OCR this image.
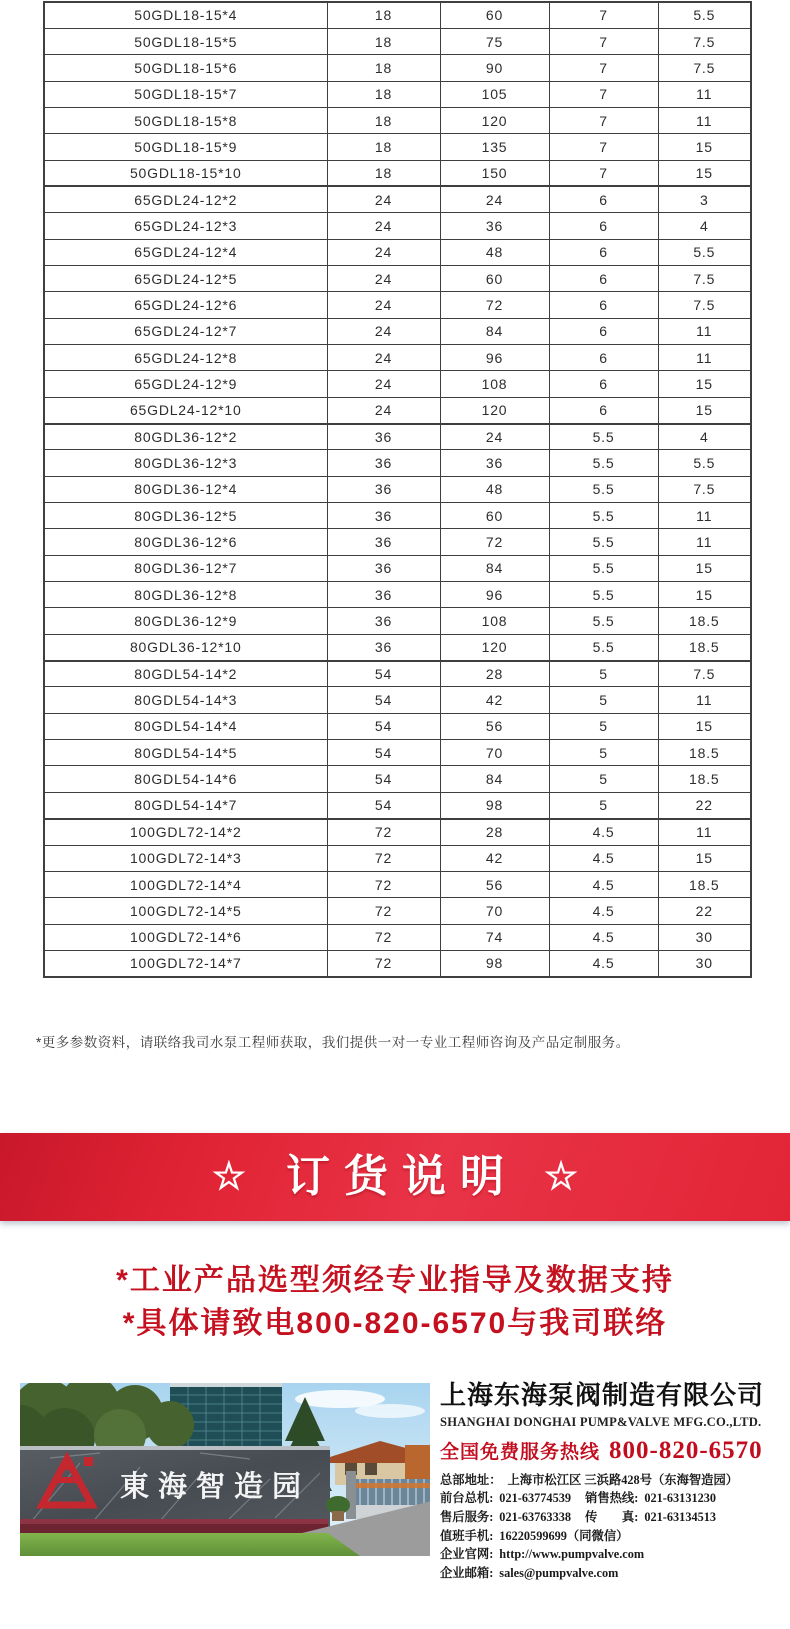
50GDL18-15*4	18	60	7	5.5
50GDL18-15*5	18	75	7	7.5
50GDL18-15*6	18	90	7	7.5
50GDL18-15*7	18	105	7	11
50GDL18-15*8	18	120	7	11
50GDL18-15*9	18	135	7	15
50GDL18-15*10	18	150	7	15
65GDL24-12*2	24	24	6	3
65GDL24-12*3	24	36	6	4
65GDL24-12*4	24	48	6	5.5
65GDL24-12*5	24	60	6	7.5
65GDL24-12*6	24	72	6	7.5
65GDL24-12*7	24	84	6	11
65GDL24-12*8	24	96	6	11
65GDL24-12*9	24	108	6	15
65GDL24-12*10	24	120	6	15
80GDL36-12*2	36	24	5.5	4
80GDL36-12*3	36	36	5.5	5.5
80GDL36-12*4	36	48	5.5	7.5
80GDL36-12*5	36	60	5.5	11
80GDL36-12*6	36	72	5.5	11
80GDL36-12*7	36	84	5.5	15
80GDL36-12*8	36	96	5.5	15
80GDL36-12*9	36	108	5.5	18.5
80GDL36-12*10	36	120	5.5	18.5
80GDL54-14*2	54	28	5	7.5
80GDL54-14*3	54	42	5	11
80GDL54-14*4	54	56	5	15
80GDL54-14*5	54	70	5	18.5
80GDL54-14*6	54	84	5	18.5
80GDL54-14*7	54	98	5	22
100GDL72-14*2	72	28	4.5	11
100GDL72-14*3	72	42	4.5	15
100GDL72-14*4	72	56	4.5	18.5
100GDL72-14*5	72	70	4.5	22
100GDL72-14*6	72	74	4.5	30
100GDL72-14*7	72	98	4.5	30
*更多参数资料，请联络我司水泵工程师获取，我们提供一对一专业工程师咨询及产品定制服务。
☆ 订货说明 ☆
*工业产品选型须经专业指导及数据支持
*具体请致电800-820-6570与我司联络
東海智造园
上海东海泵阀制造有限公司
SHANGHAI DONGHAI PUMP&VALVE MFG.CO.,LTD.
全国免费服务热线 800-820-6570
总部地址： 上海市松江区 三浜路428号（东海智造园）
前台总机: 021-63774539 销售热线: 021-63131230
售后服务: 021-63763338 传　　真: 021-63134513
值班手机: 16220599699（同微信）
企业官网: http://www.pumpvalve.com
企业邮箱: sales@pumpvalve.com
